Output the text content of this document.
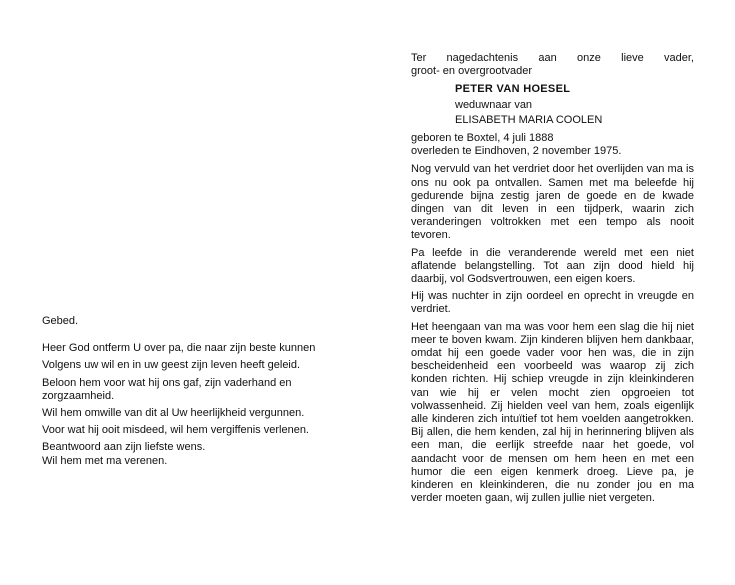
Gebed.

Heer God ontferm U over pa, die naar zijn beste kunnen

Volgens uw wil en in uw geest zijn leven heeft geleid.

Beloon hem voor wat hij ons gaf, zijn vaderhand en zorgzaamheid.

Wil hem omwille van dit al Uw heerlijkheid vergunnen.

Voor wat hij ooit misdeed, wil hem vergiffenis verlenen.

Beantwoord aan zijn liefste wens.

Wil hem met ma verenen.

Ter nagedachtenis aan onze lieve vader,

groot- en overgrootvader

PETER VAN HOESEL

weduwnaar van

ELISABETH MARIA COOLEN

geboren te Boxtel, 4 juli 1888

overleden te Eindhoven, 2 november 1975.

Nog vervuld van het verdriet door het overlijden van ma is ons nu ook pa ontvallen. Samen met ma beleefde hij gedurende bijna zestig jaren de goede en de kwade dingen van dit leven in een tijdperk, waarin zich veranderingen voltrokken met een tempo als nooit tevoren.

Pa leefde in die veranderende wereld met een niet aflatende belangstelling. Tot aan zijn dood hield hij daarbij, vol Godsvertrouwen, een eigen koers.

Hij was nuchter in zijn oordeel en oprecht in vreugde en verdriet.

Het heengaan van ma was voor hem een slag die hij niet meer te boven kwam. Zijn kinderen blijven hem dankbaar, omdat hij een goede vader voor hen was, die in zijn bescheidenheid een voorbeeld was waarop zij zich konden richten. Hij schiep vreugde in zijn kleinkinderen van wie hij er velen mocht zien opgroeien tot volwassenheid. Zij hielden veel van hem, zoals eigenlijk alle kinderen zich intuïtief tot hem voelden aangetrokken. Bij allen, die hem kenden, zal hij in herinnering blijven als een man, die eerlijk streefde naar het goede, vol aandacht voor de mensen om hem heen en met een humor die een eigen kenmerk droeg. Lieve pa, je kinderen en kleinkinderen, die nu zonder jou en ma verder moeten gaan, wij zullen jullie niet vergeten.
